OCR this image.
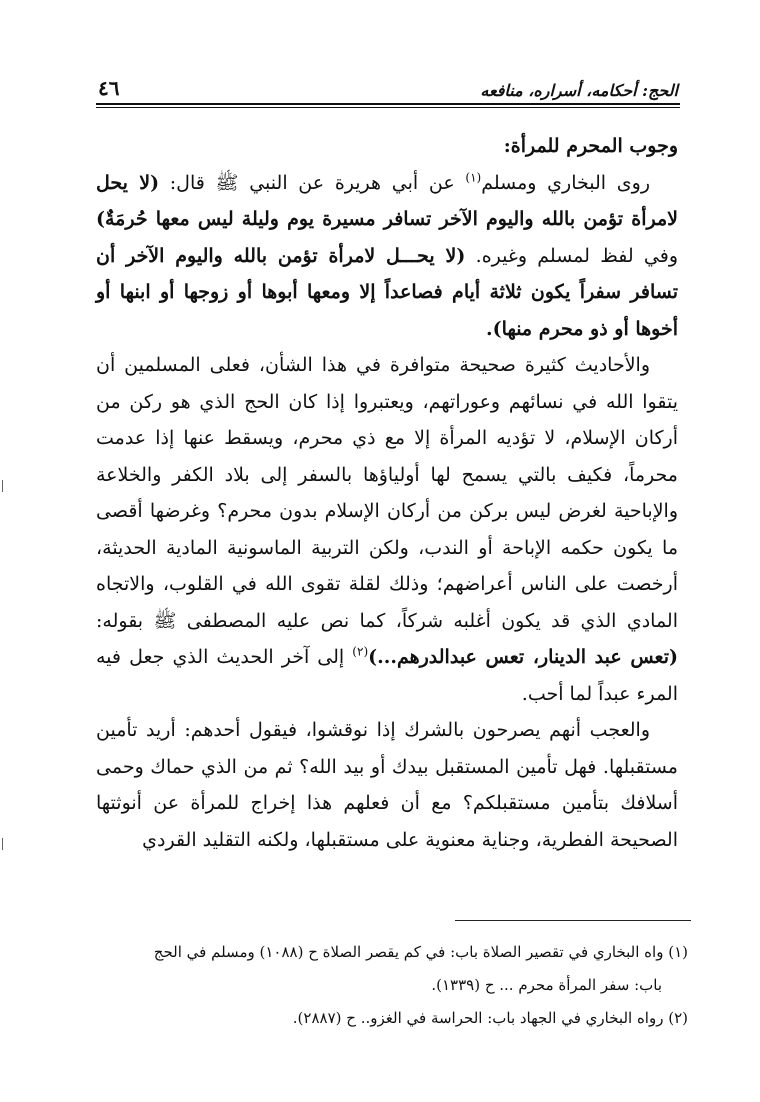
٤٦	الحج: أحكامه، أسراره، منافعه

وجوب المحرم للمرأة:

روى البخاري ومسلم$^{(١)}$ عن أبي هريرة عن النبي ﷺ قال: (لا يحل لامرأة تؤمن بالله واليوم الآخر تسافر مسيرة يوم وليلة ليس معها حُرمَةٌ) وفي لفظ لمسلم وغيره. (لا يحـــل لامرأة تؤمن بالله واليوم الآخر أن تسافر سفراً يكون ثلاثة أيام فصاعداً إلا ومعها أبوها أو زوجها أو ابنها أو أخوها أو ذو محرم منها).

والأحاديث كثيرة صحيحة متوافرة في هذا الشأن، فعلى المسلمين أن يتقوا الله في نسائهم وعوراتهم، ويعتبروا إذا كان الحج الذي هو ركن من أركان الإسلام، لا تؤديه المرأة إلا مع ذي محرم، ويسقط عنها إذا عدمت محرماً، فكيف بالتي يسمح لها أولياؤها بالسفر إلى بلاد الكفر والخلاعة والإباحية لغرض ليس بركن من أركان الإسلام بدون محرم؟ وغرضها أقصى ما يكون حكمه الإباحة أو الندب، ولكن التربية الماسونية المادية الحديثة، أرخصت على الناس أعراضهم؛ وذلك لقلة تقوى الله في القلوب، والاتجاه المادي الذي قد يكون أغلبه شركاً، كما نص عليه المصطفى ﷺ بقوله: (تعس عبد الدينار، تعس عبدالدرهم...)$^{(٢)}$ إلى آخر الحديث الذي جعل فيه المرء عبداً لما أحب.

والعجب أنهم يصرحون بالشرك إذا نوقشوا، فيقول أحدهم: أريد تأمين مستقبلها. فهل تأمين المستقبل بيدك أو بيد الله؟ ثم من الذي حماك وحمى أسلافك بتأمين مستقبلكم؟ مع أن فعلهم هذا إخراج للمرأة عن أنوثتها الصحيحة الفطرية، وجناية معنوية على مستقبلها، ولكنه التقليد القردي

(١) واه البخاري في تقصير الصلاة باب: في كم يقصر الصلاة ح (١٠٨٨) ومسلم في الحج

باب: سفر المرأة محرم ... ح (١٣٣٩).

(٢) رواه البخاري في الجهاد باب: الحراسة في الغزو.. ح (٢٨٨٧).
